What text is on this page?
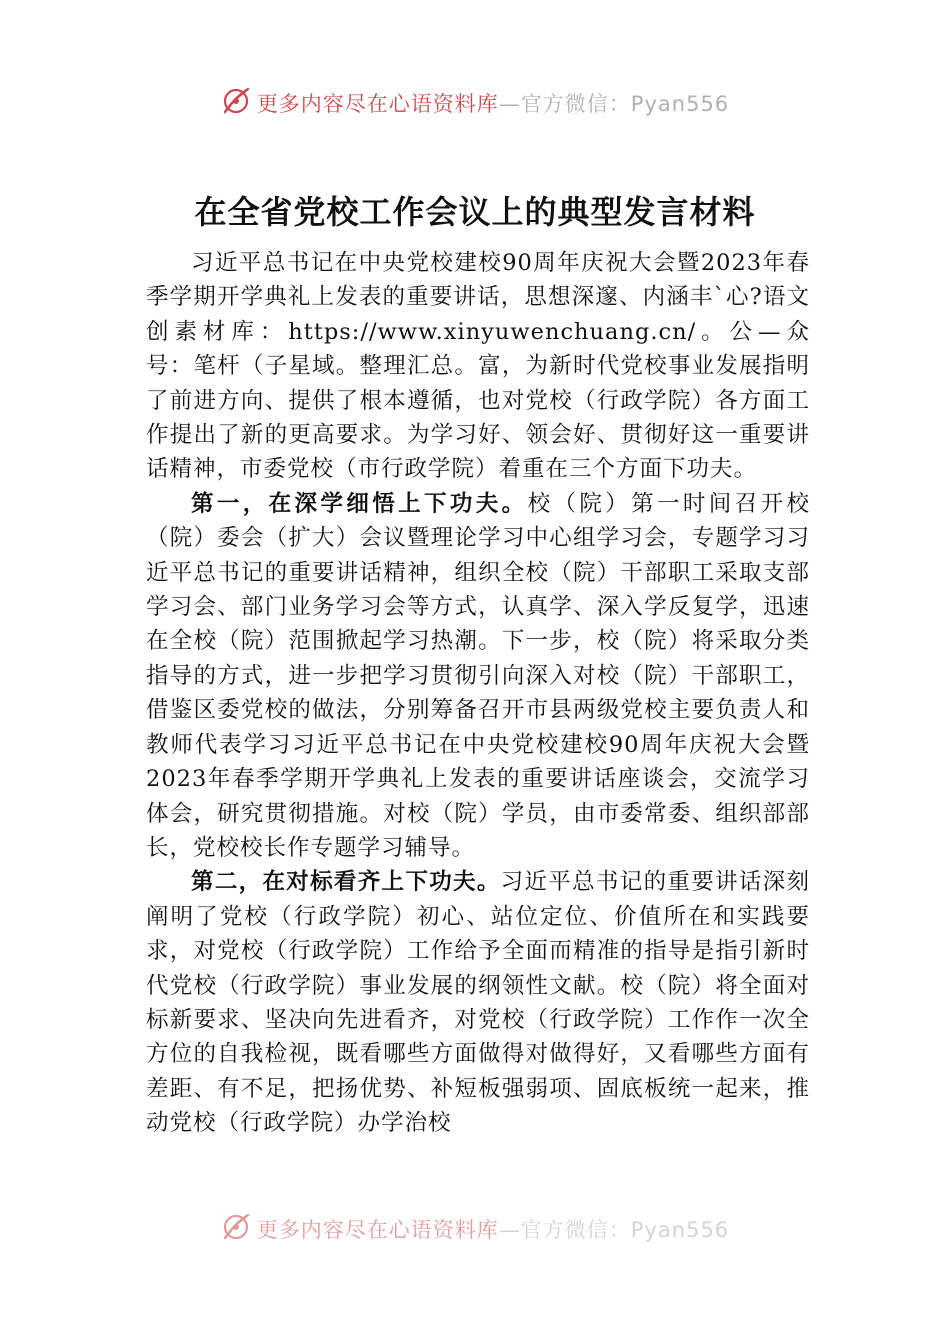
更多内容尽在心语资料库—官方微信：Pyan556
在全省党校工作会议上的典型发言材料

习近平总书记在中央党校建校90周年庆祝大会暨2023年春季学期开学典礼上发表的重要讲话，思想深邃、内涵丰`心?语文创素材库：https://www.xinyuwenchuang.cn/。公—众号：笔杆（子星域。整理汇总。富，为新时代党校事业发展指明了前进方向、提供了根本遵循，也对党校（行政学院）各方面工作提出了新的更高要求。为学习好、领会好、贯彻好这一重要讲话精神，市委党校（市行政学院）着重在三个方面下功夫。

第一，在深学细悟上下功夫。校（院）第一时间召开校（院）委会（扩大）会议暨理论学习中心组学习会，专题学习习近平总书记的重要讲话精神，组织全校（院）干部职工采取支部学习会、部门业务学习会等方式，认真学、深入学反复学，迅速在全校（院）范围掀起学习热潮。下一步，校（院）将采取分类指导的方式，进一步把学习贯彻引向深入对校（院）干部职工，借鉴区委党校的做法，分别筹备召开市县两级党校主要负责人和教师代表学习习近平总书记在中央党校建校90周年庆祝大会暨2023年春季学期开学典礼上发表的重要讲话座谈会，交流学习体会，研究贯彻措施。对校（院）学员，由市委常委、组织部部长，党校校长作专题学习辅导。

第二，在对标看齐上下功夫。习近平总书记的重要讲话深刻阐明了党校（行政学院）初心、站位定位、价值所在和实践要求，对党校（行政学院）工作给予全面而精准的指导是指引新时代党校（行政学院）事业发展的纲领性文献。校（院）将全面对标新要求、坚决向先进看齐，对党校（行政学院）工作作一次全方位的自我检视，既看哪些方面做得对做得好，又看哪些方面有差距、有不足，把扬优势、补短板强弱项、固底板统一起来，推动党校（行政学院）办学治校

更多内容尽在心语资料库—官方微信：Pyan556
